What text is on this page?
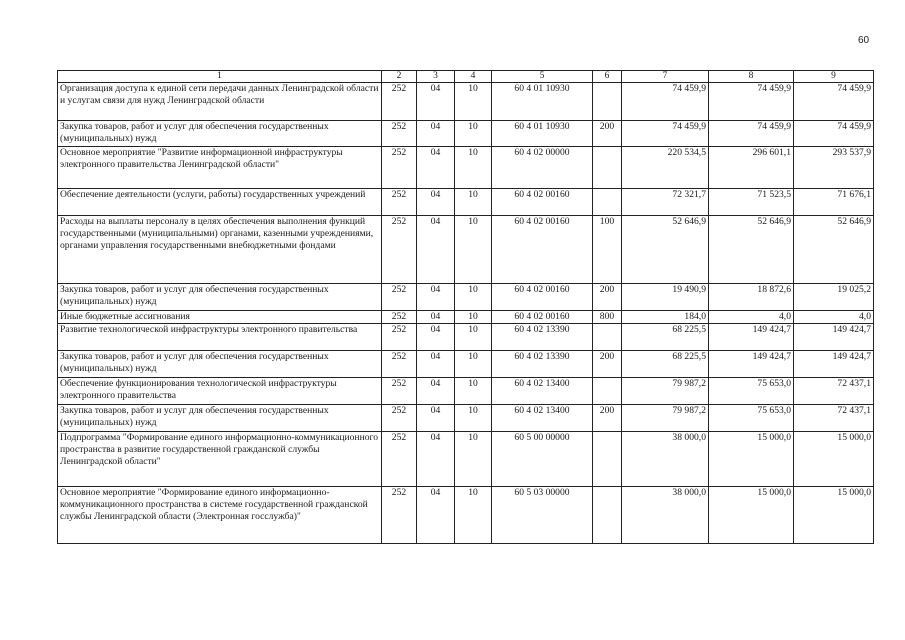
60
1	2	3	4	5	6	7	8	9
Организация доступа к единой сети передачи данных Ленинградской области и услугам связи для нужд Ленинградской области	252	04	10	60 4 01 10930		74 459,9	74 459,9	74 459,9
Закупка товаров, работ и услуг для обеспечения государственных (муниципальных) нужд	252	04	10	60 4 01 10930	200	74 459,9	74 459,9	74 459,9
Основное мероприятие "Развитие информационной инфраструктуры электронного правительства Ленинградской области"	252	04	10	60 4 02 00000		220 534,5	296 601,1	293 537,9
Обеспечение деятельности (услуги, работы) государственных учреждений	252	04	10	60 4 02 00160		72 321,7	71 523,5	71 676,1
Расходы на выплаты персоналу в целях обеспечения выполнения функций государственными (муниципальными) органами, казенными учреждениями, органами управления государственными внебюджетными фондами	252	04	10	60 4 02 00160	100	52 646,9	52 646,9	52 646,9
Закупка товаров, работ и услуг для обеспечения государственных (муниципальных) нужд	252	04	10	60 4 02 00160	200	19 490,9	18 872,6	19 025,2
Иные бюджетные ассигнования	252	04	10	60 4 02 00160	800	184,0	4,0	4,0
Развитие технологической инфраструктуры электронного правительства	252	04	10	60 4 02 13390		68 225,5	149 424,7	149 424,7
Закупка товаров, работ и услуг для обеспечения государственных (муниципальных) нужд	252	04	10	60 4 02 13390	200	68 225,5	149 424,7	149 424,7
Обеспечение функционирования технологической инфраструктуры электронного правительства	252	04	10	60 4 02 13400		79 987,2	75 653,0	72 437,1
Закупка товаров, работ и услуг для обеспечения государственных (муниципальных) нужд	252	04	10	60 4 02 13400	200	79 987,2	75 653,0	72 437,1
Подпрограмма "Формирование единого информационно-коммуникационного пространства в развитие государственной гражданской службы Ленинградской области"	252	04	10	60 5 00 00000		38 000,0	15 000,0	15 000,0
Основное мероприятие "Формирование единого информационно-коммуникационного пространства в системе государственной гражданской службы Ленинградской области (Электронная госслужба)"	252	04	10	60 5 03 00000		38 000,0	15 000,0	15 000,0
